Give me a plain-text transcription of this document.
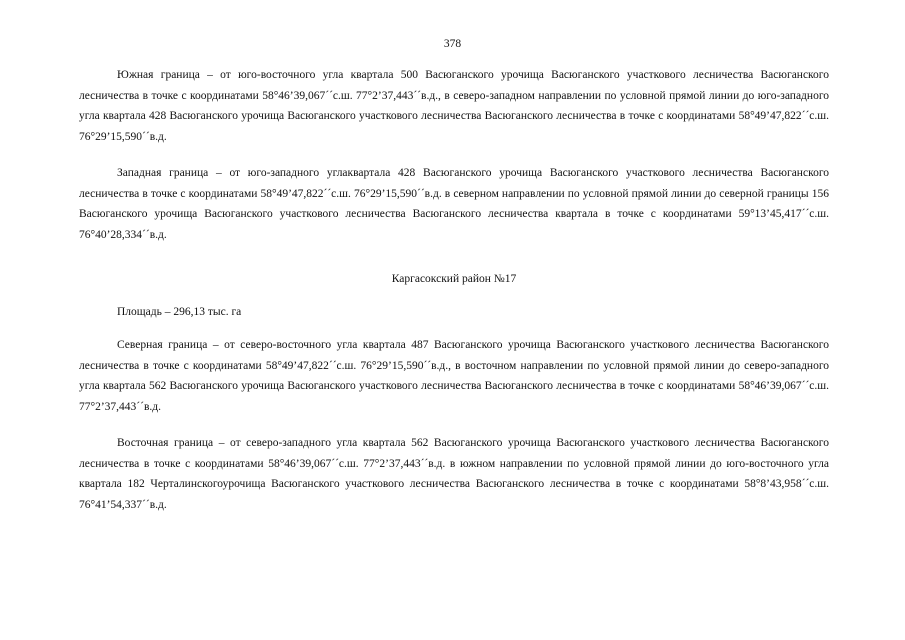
378

Южная граница – от юго-восточного угла квартала 500 Васюганского урочища Васюганского участкового лесничества Васюганского лесничества в точке с координатами 58°46’39,067´´с.ш. 77°2’37,443´´в.д., в северо-западном направлении по условной прямой линии до юго-западного угла квартала 428 Васюганского урочища Васюганского участкового лесничества Васюганского лесничества в точке с координатами 58°49’47,822´´с.ш. 76°29’15,590´´в.д.

Западная граница – от юго-западного углаквартала 428 Васюганского урочища Васюганского участкового лесничества Васюганского лесничества в точке с координатами 58°49’47,822´´с.ш. 76°29’15,590´´в.д. в северном направлении по условной прямой линии до северной границы 156 Васюганского урочища Васюганского участкового лесничества Васюганского лесничества квартала в точке с координатами 59°13’45,417´´с.ш. 76°40’28,334´´в.д.

Каргасокский район №17

Площадь – 296,13 тыс. га

Северная граница – от северо-восточного угла квартала 487 Васюганского урочища Васюганского участкового лесничества Васюганского лесничества в точке с координатами 58°49’47,822´´с.ш. 76°29’15,590´´в.д., в восточном направлении по условной прямой линии до северо-западного угла квартала 562 Васюганского урочища Васюганского участкового лесничества Васюганского лесничества в точке с координатами 58°46’39,067´´с.ш. 77°2’37,443´´в.д.

Восточная граница – от северо-западного угла квартала 562 Васюганского урочища Васюганского участкового лесничества Васюганского лесничества в точке с координатами 58°46’39,067´´с.ш. 77°2’37,443´´в.д. в южном направлении по условной прямой линии до юго-восточного угла квартала 182 Черталинскогоурочища Васюганского участкового лесничества Васюганского лесничества в точке с координатами 58°8’43,958´´с.ш. 76°41’54,337´´в.д.
